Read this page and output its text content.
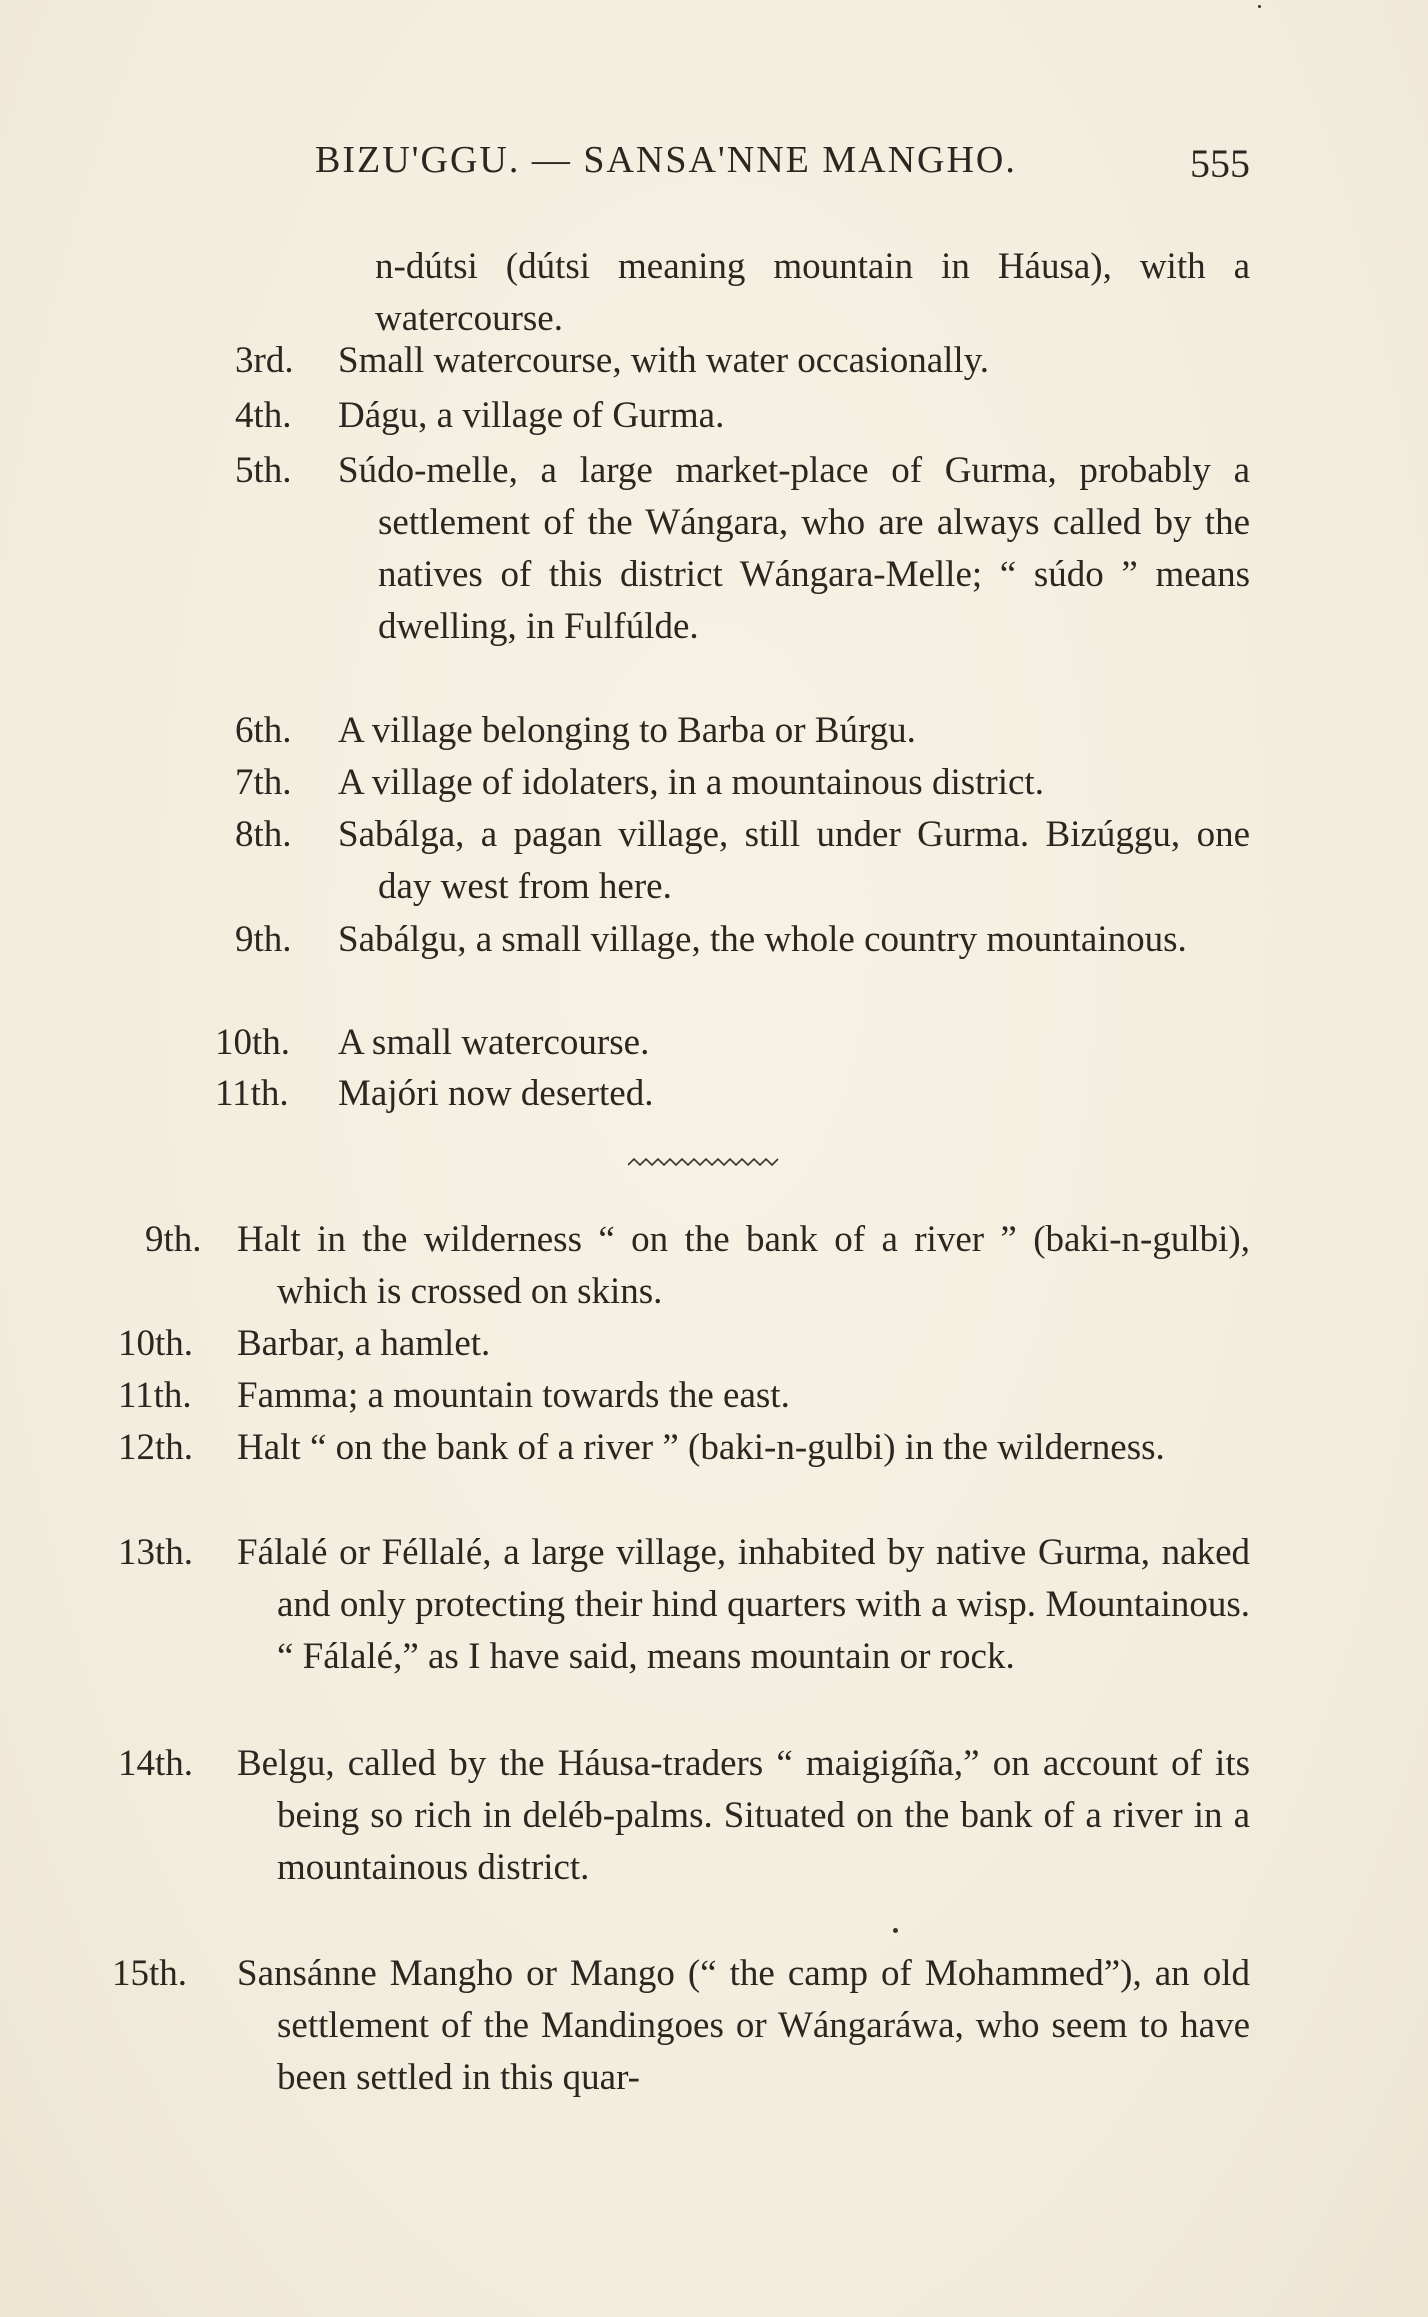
BIZU'GGU. — SANSA'NNE MANGHO.	555
n-dútsi (dútsi meaning mountain in Háusa), with a watercourse.
3rd. Small watercourse, with water occasionally.
4th. Dágu, a village of Gurma.
5th. Súdo-melle, a large market-place of Gurma, probably a settlement of the Wángara, who are always called by the natives of this district Wángara-Melle; “ súdo ” means dwelling, in Fulfúlde.
6th. A village belonging to Barba or Búrgu.
7th. A village of idolaters, in a mountainous district.
8th. Sabálga, a pagan village, still under Gurma. Bizúggu, one day west from here.
9th. Sabálgu, a small village, the whole country mountainous.
10th. A small watercourse.
11th. Majóri now deserted.
9th. Halt in the wilderness “ on the bank of a river ” (baki-n-gulbi), which is crossed on skins.
10th. Barbar, a hamlet.
11th. Famma; a mountain towards the east.
12th. Halt “ on the bank of a river ” (baki-n-gulbi) in the wilderness.
13th. Fálalé or Féllalé, a large village, inhabited by native Gurma, naked and only protecting their hind quarters with a wisp. Mountainous. “ Fálalé,” as I have said, means mountain or rock.
14th. Belgu, called by the Háusa-traders “ maigigíña,” on account of its being so rich in deléb-palms. Situated on the bank of a river in a mountainous district.
15th. Sansánne Mangho or Mango (“ the camp of Mohammed”), an old settlement of the Mandingoes or Wángaráwa, who seem to have been settled in this quar-
